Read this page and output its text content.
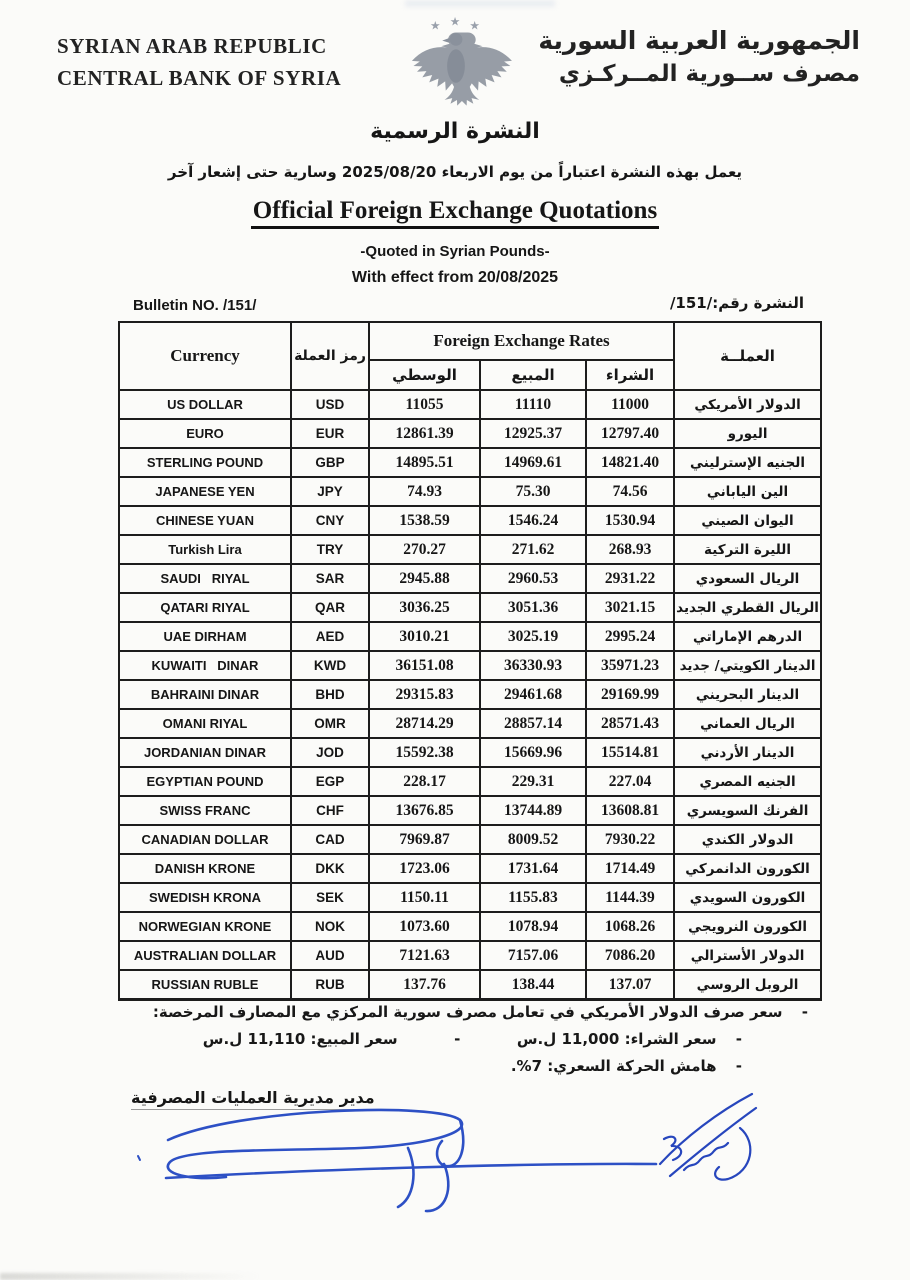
SYRIAN ARAB REPUBLIC
CENTRAL BANK OF SYRIA
★ ★ ★
الجمهورية العربية السورية
مصرف ســورية المــركـزي
النشرة الرسمية
يعمل بهذه النشرة اعتباراً من يوم الاربعاء 2025/08/20 وسارية حتى إشعار آخر
Official Foreign Exchange Quotations
-Quoted in Syrian Pounds-
With effect from 20/08/2025
Bulletin NO. /151/	النشرة رقم:/151/
Currency	رمز العملة	Foreign Exchange Rates			العملــة
		الوسطي	المبيع	الشراء	
US DOLLAR	USD	11055	11110	11000	الدولار الأمريكي
EURO	EUR	12861.39	12925.37	12797.40	اليورو
STERLING POUND	GBP	14895.51	14969.61	14821.40	الجنيه الإسترليني
JAPANESE YEN	JPY	74.93	75.30	74.56	الين الياباني
CHINESE YUAN	CNY	1538.59	1546.24	1530.94	اليوان الصيني
Turkish Lira	TRY	270.27	271.62	268.93	الليرة التركية
SAUDI   RIYAL	SAR	2945.88	2960.53	2931.22	الريال السعودي
QATARI RIYAL	QAR	3036.25	3051.36	3021.15	الريال القطري الجديد
UAE DIRHAM	AED	3010.21	3025.19	2995.24	الدرهم الإماراتي
KUWAITI   DINAR	KWD	36151.08	36330.93	35971.23	الدينار الكويتي/ جديد
BAHRAINI DINAR	BHD	29315.83	29461.68	29169.99	الدينار البحريني
OMANI RIYAL	OMR	28714.29	28857.14	28571.43	الريال العماني
JORDANIAN DINAR	JOD	15592.38	15669.96	15514.81	الدينار الأردني
EGYPTIAN POUND	EGP	228.17	229.31	227.04	الجنيه المصري
SWISS FRANC	CHF	13676.85	13744.89	13608.81	الفرنك السويسري
CANADIAN DOLLAR	CAD	7969.87	8009.52	7930.22	الدولار الكندي
DANISH KRONE	DKK	1723.06	1731.64	1714.49	الكورون الدانمركي
SWEDISH KRONA	SEK	1150.11	1155.83	1144.39	الكورون السويدي
NORWEGIAN KRONE	NOK	1073.60	1078.94	1068.26	الكورون النرويجي
AUSTRALIAN DOLLAR	AUD	7121.63	7157.06	7086.20	الدولار الأسترالي
RUSSIAN RUBLE	RUB	137.76	138.44	137.07	الروبل الروسي
- سعر صرف الدولار الأمريكي في تعامل مصرف سورية المركزي مع المصارف المرخصة:
- سعر الشراء: 11,000 ل.س  -  سعر المبيع: 11,110 ل.س
- هامش الحركة السعري: 7%.
مدير مديرية العمليات المصرفية
